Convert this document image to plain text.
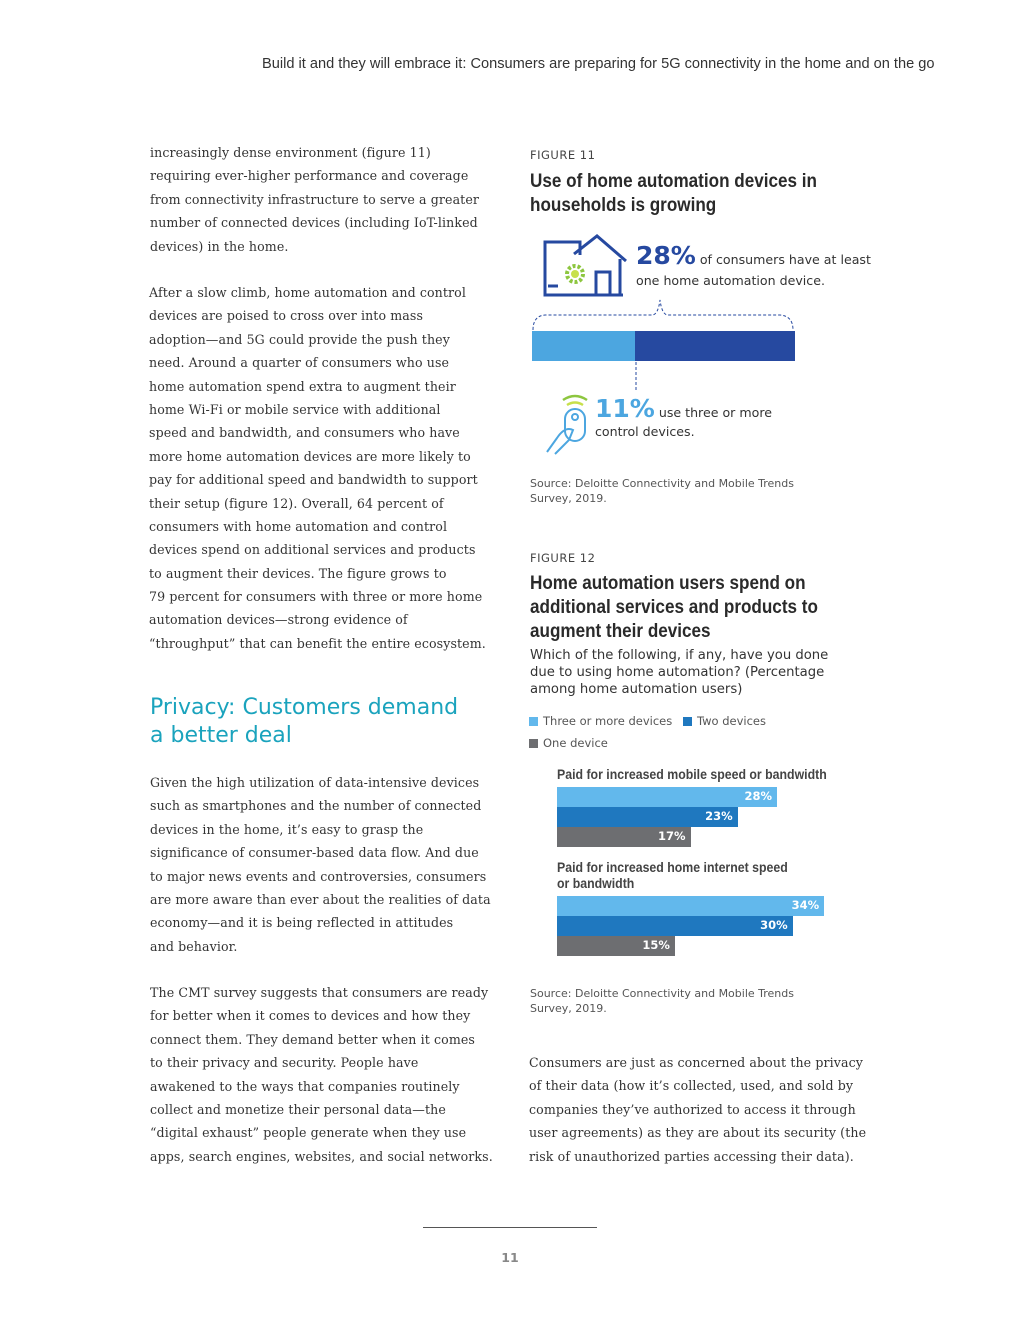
Build it and they will embrace it: Consumers are preparing for 5G connectivity in the home and on the go
increasingly dense environment (figure 11)
requiring ever-higher performance and coverage
from connectivity infrastructure to serve a greater
number of connected devices (including IoT-linked
devices) in the home.
After a slow climb, home automation and control
devices are poised to cross over into mass
adoption—and 5G could provide the push they
need. Around a quarter of consumers who use
home automation spend extra to augment their
home Wi-Fi or mobile service with additional
speed and bandwidth, and consumers who have
more home automation devices are more likely to
pay for additional speed and bandwidth to support
their setup (figure 12). Overall, 64 percent of
consumers with home automation and control
devices spend on additional services and products
to augment their devices. The figure grows to
79 percent for consumers with three or more home
automation devices—strong evidence of
“throughput” that can benefit the entire ecosystem.
Privacy: Customers demand
a better deal
Given the high utilization of data-intensive devices
such as smartphones and the number of connected
devices in the home, it’s easy to grasp the
significance of consumer-based data flow. And due
to major news events and controversies, consumers
are more aware than ever about the realities of data
economy—and it is being reflected in attitudes
and behavior.
The CMT survey suggests that consumers are ready
for better when it comes to devices and how they
connect them. They demand better when it comes
to their privacy and security. People have
awakened to the ways that companies routinely
collect and monetize their personal data—the
“digital exhaust” people generate when they use
apps, search engines, websites, and social networks.
FIGURE 11
Use of home automation devices in
households is growing
28% of consumers have at least
one home automation device.
11% use three or more
control devices.
Source: Deloitte Connectivity and Mobile Trends
Survey, 2019.
FIGURE 12
Home automation users spend on
additional services and products to
augment their devices
Which of the following, if any, have you done
due to using home automation? (Percentage
among home automation users)
Three or more devices Two devices
One device
Paid for increased mobile speed or bandwidth
28%
23%
17%
Paid for increased home internet speed
or bandwidth
34%
30%
15%
Source: Deloitte Connectivity and Mobile Trends
Survey, 2019.
Consumers are just as concerned about the privacy
of their data (how it’s collected, used, and sold by
companies they’ve authorized to access it through
user agreements) as they are about its security (the
risk of unauthorized parties accessing their data).
11
